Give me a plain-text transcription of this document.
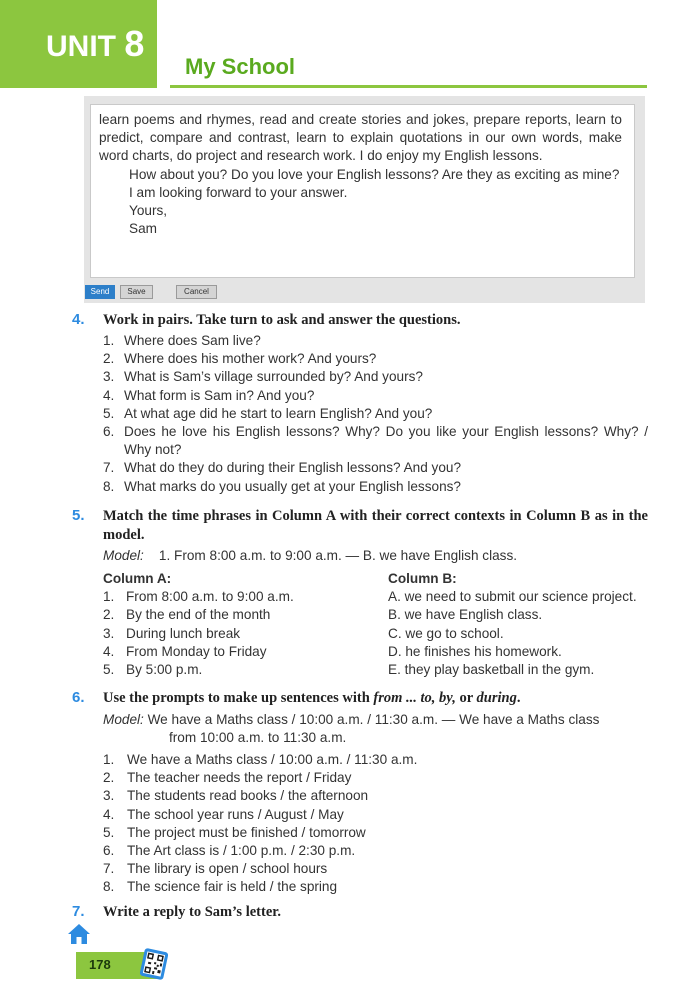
UNIT 8
My School

learn poems and rhymes, read and create stories and jokes, prepare reports, learn to predict, compare and contrast, learn to explain quotations in our own words, make word charts, do project and research work. I do enjoy my English lessons.

How about you? Do you love your English lessons? Are they as exciting as mine?

I am looking forward to your answer.

Yours,

Sam

Send	Save	Cancel
4. Work in pairs. Take turn to ask and answer the questions.
1. Where does Sam live?
2. Where does his mother work? And yours?
3. What is Sam’s village surrounded by? And yours?
4. What form is Sam in? And you?
5. At what age did he start to learn English? And you?
6. Does he love his English lessons? Why? Do you like your English lessons? Why? / Why not?
7. What do they do during their English lessons? And you?
8. What marks do you usually get at your English lessons?
5. Match the time phrases in Column A with their correct contexts in Column B as in the model.
Model: 1. From 8:00 a.m. to 9:00 a.m. — B. we have English class.
Column A:
1. From 8:00 a.m. to 9:00 a.m.
2. By the end of the month
3. During lunch break
4. From Monday to Friday
5. By 5:00 p.m.
Column B:
A. we need to submit our science project.
B. we have English class.
C. we go to school.
D. he finishes his homework.
E. they play basketball in the gym.
6. Use the prompts to make up sentences with from ... to, by, or during.
Model: We have a Maths class / 10:00 a.m. / 11:30 a.m. — We have a Maths class
from 10:00 a.m. to 11:30 a.m.
1. We have a Maths class / 10:00 a.m. / 11:30 a.m.
2. The teacher needs the report / Friday
3. The students read books / the afternoon
4. The school year runs / August / May
5. The project must be finished / tomorrow
6. The Art class is / 1:00 p.m. / 2:30 p.m.
7. The library is open / school hours
8. The science fair is held / the spring
7. Write a reply to Sam’s letter.
178
